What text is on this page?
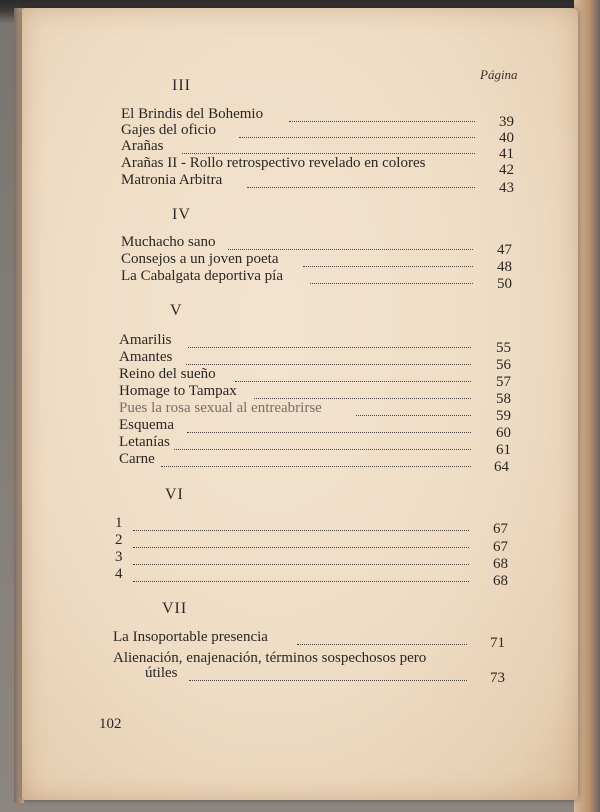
Página
III
El Brindis del Bohemio	39
Gajes del oficio	40
Arañas	41
Arañas II - Rollo retrospectivo revelado en colores	42
Matronia Arbitra	43
IV
Muchacho sano	47
Consejos a un joven poeta	48
La Cabalgata deportiva pía	50
V
Amarilis	55
Amantes	56
Reino del sueño	57
Homage to Tampax	58
Pues la rosa sexual al entreabrirse	59
Esquema	60
Letanías	61
Carne	64
VI
1	67
2	67
3	68
4	68
VII
La Insoportable presencia	71
Alienación, enajenación, términos sospechosos pero
útiles	73
102
